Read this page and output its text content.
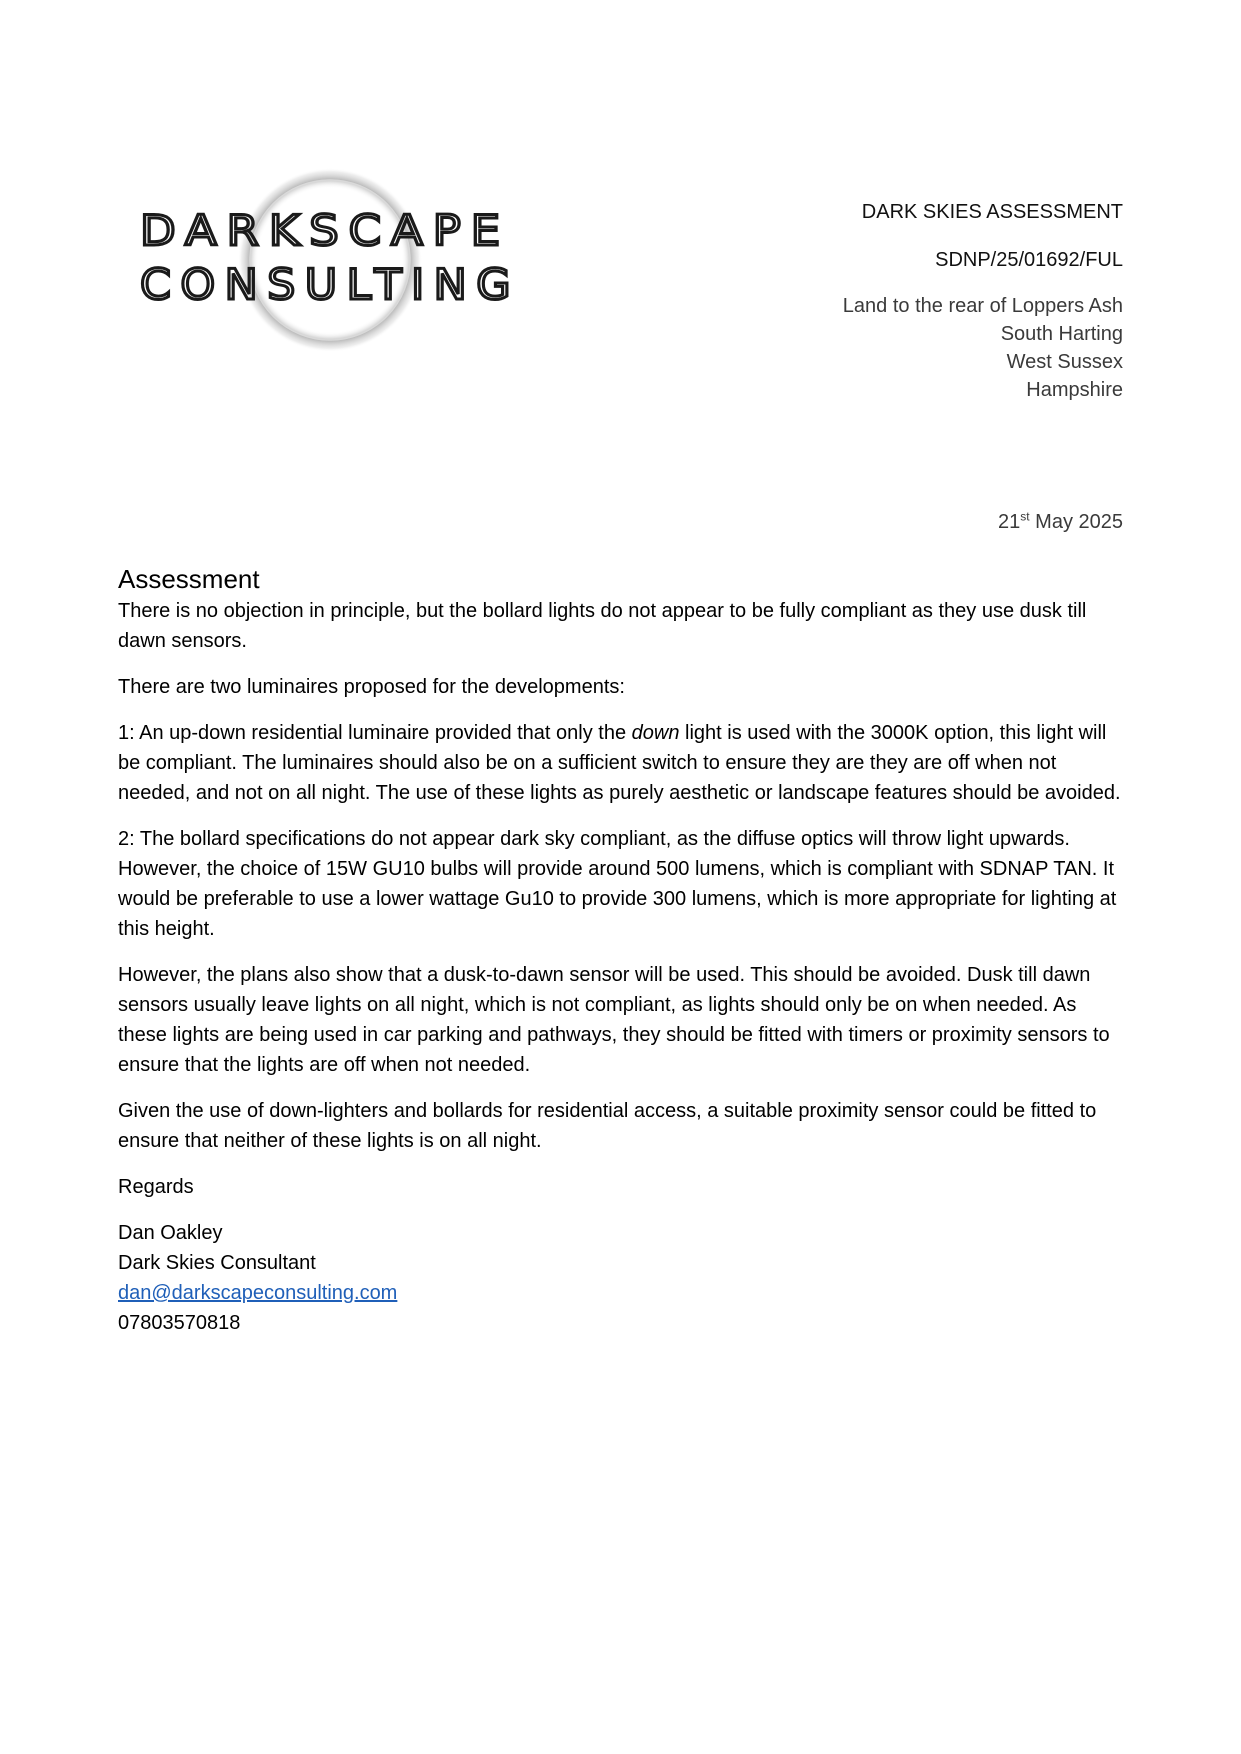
DARKSCAPE
CONSULTING
DARK SKIES ASSESSMENT
SDNP/25/01692/FUL
Land to the rear of Loppers Ash
South Harting
West Sussex
Hampshire
21st May 2025
Assessment

There is no objection in principle, but the bollard lights do not appear to be fully compliant as they use dusk till dawn sensors.

There are two luminaires proposed for the developments:

1: An up-down residential luminaire provided that only the down light is used with the 3000K option, this light will be compliant. The luminaires should also be on a sufficient switch to ensure they are they are off when not needed, and not on all night. The use of these lights as purely aesthetic or landscape features should be avoided.

2: The bollard specifications do not appear dark sky compliant, as the diffuse optics will throw light upwards. However, the choice of 15W GU10 bulbs will provide around 500 lumens, which is compliant with SDNAP TAN. It would be preferable to use a lower wattage Gu10 to provide 300 lumens, which is more appropriate for lighting at this height.

However, the plans also show that a dusk-to-dawn sensor will be used. This should be avoided. Dusk till dawn sensors usually leave lights on all night, which is not compliant, as lights should only be on when needed. As these lights are being used in car parking and pathways, they should be fitted with timers or proximity sensors to ensure that the lights are off when not needed.

Given the use of down-lighters and bollards for residential access, a suitable proximity sensor could be fitted to ensure that neither of these lights is on all night.

Regards

Dan Oakley
Dark Skies Consultant
dan@darkscapeconsulting.com
07803570818
